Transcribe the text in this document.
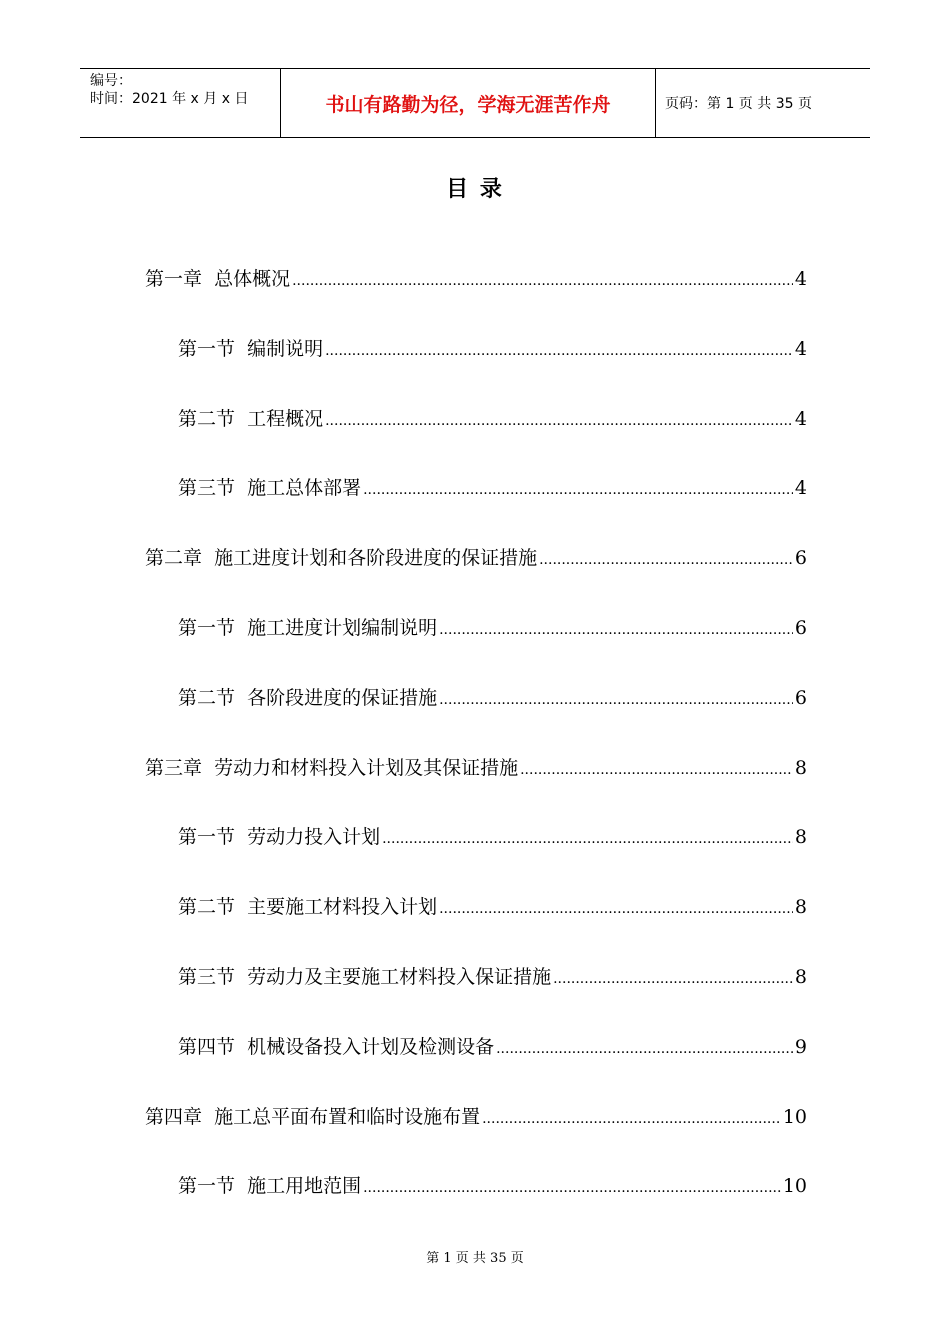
编号：
时间：2021 年 x 月 x 日	书山有路勤为径，学海无涯苦作舟	页码：第 1 页 共 35 页
目 录
第一章 总体概况 .....	4
第一节 编制说明 .....	4
第二节 工程概况 .....	4
第三节 施工总体部署 .....	4
第二章 施工进度计划和各阶段进度的保证措施 .....	6
第一节 施工进度计划编制说明 .....	6
第二节 各阶段进度的保证措施 .....	6
第三章 劳动力和材料投入计划及其保证措施 .....	8
第一节 劳动力投入计划 .....	8
第二节 主要施工材料投入计划 .....	8
第三节 劳动力及主要施工材料投入保证措施 .....	8
第四节 机械设备投入计划及检测设备 .....	9
第四章 施工总平面布置和临时设施布置 .....	10
第一节 施工用地范围 .....	10
第 1 页 共 35 页
